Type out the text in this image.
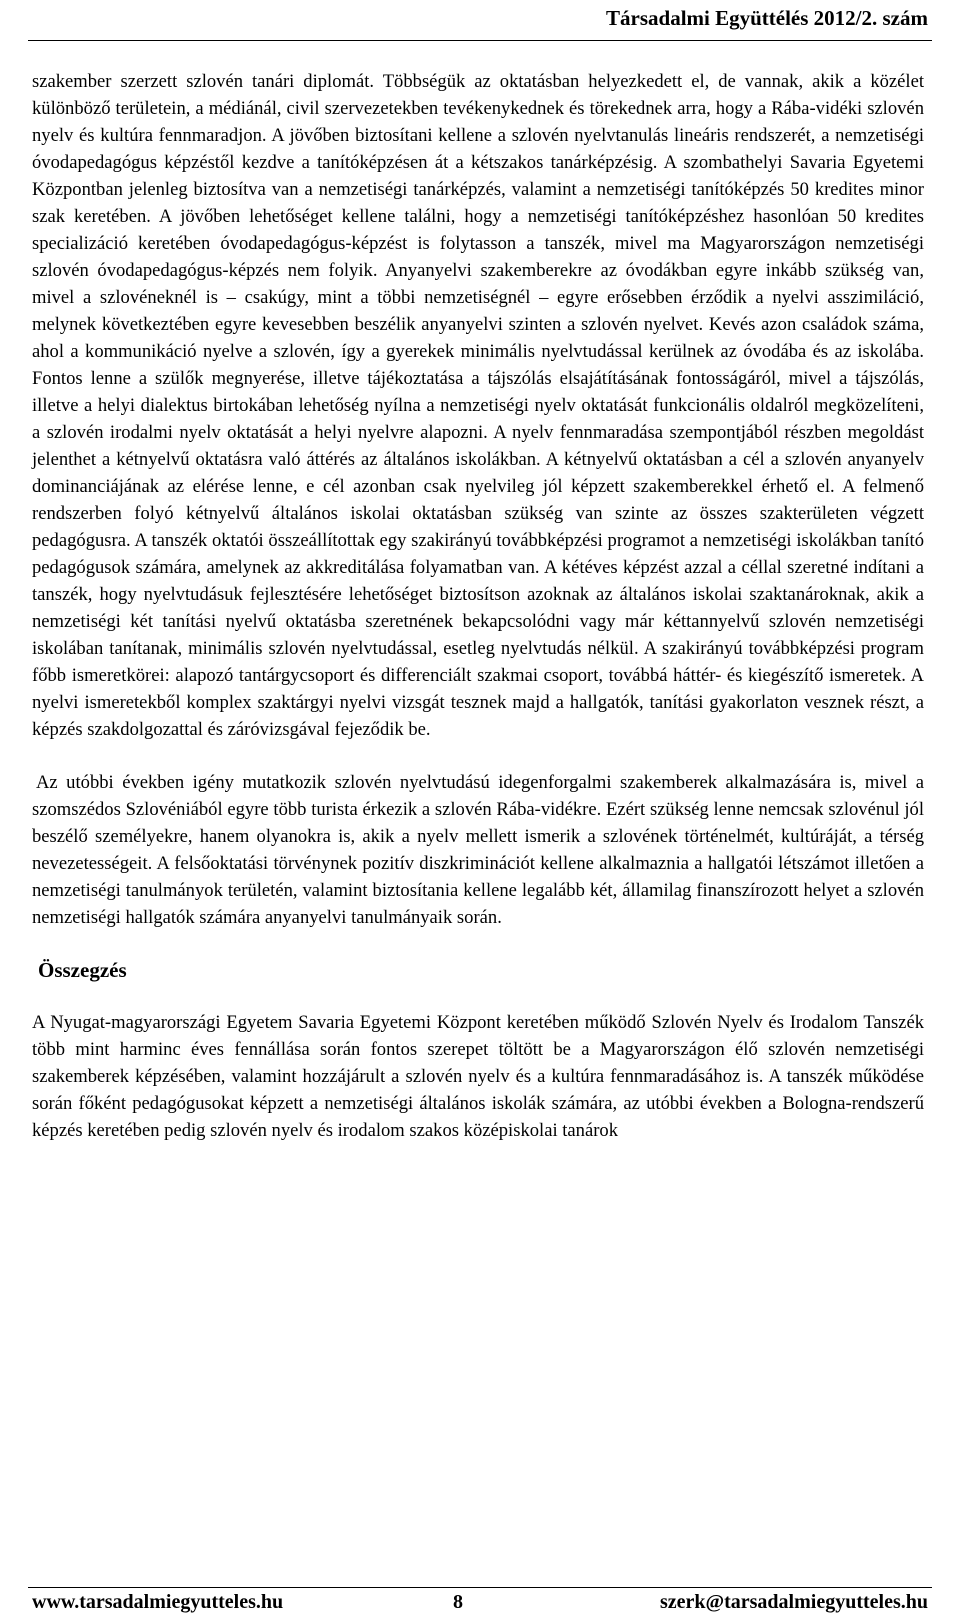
Társadalmi Együttélés 2012/2. szám

szakember szerzett szlovén tanári diplomát. Többségük az oktatásban helyezkedett el, de vannak, akik a közélet különböző területein, a médiánál, civil szervezetekben tevékenykednek és törekednek arra, hogy a Rába-vidéki szlovén nyelv és kultúra fennmaradjon. A jövőben biztosítani kellene a szlovén nyelvtanulás lineáris rendszerét, a nemzetiségi óvodapedagógus képzéstől kezdve a tanítóképzésen át a kétszakos tanárképzésig. A szombathelyi Savaria Egyetemi Központban jelenleg biztosítva van a nemzetiségi tanárképzés, valamint a nemzetiségi tanítóképzés 50 kredites minor szak keretében. A jövőben lehetőséget kellene találni, hogy a nemzetiségi tanítóképzéshez hasonlóan 50 kredites specializáció keretében óvodapedagógus-képzést is folytasson a tanszék, mivel ma Magyarországon nemzetiségi szlovén óvodapedagógus-képzés nem folyik. Anyanyelvi szakemberekre az óvodákban egyre inkább szükség van, mivel a szlovéneknél is – csakúgy, mint a többi nemzetiségnél – egyre erősebben érződik a nyelvi asszimiláció, melynek következtében egyre kevesebben beszélik anyanyelvi szinten a szlovén nyelvet. Kevés azon családok száma, ahol a kommunikáció nyelve a szlovén, így a gyerekek minimális nyelvtudással kerülnek az óvodába és az iskolába. Fontos lenne a szülők megnyerése, illetve tájékoztatása a tájszólás elsajátításának fontosságáról, mivel a tájszólás, illetve a helyi dialektus birtokában lehetőség nyílna a nemzetiségi nyelv oktatását funkcionális oldalról megközelíteni, a szlovén irodalmi nyelv oktatását a helyi nyelvre alapozni. A nyelv fennmaradása szempontjából részben megoldást jelenthet a kétnyelvű oktatásra való áttérés az általános iskolákban. A kétnyelvű oktatásban a cél a szlovén anyanyelv dominanciájának az elérése lenne, e cél azonban csak nyelvileg jól képzett szakemberekkel érhető el. A felmenő rendszerben folyó kétnyelvű általános iskolai oktatásban szükség van szinte az összes szakterületen végzett pedagógusra. A tanszék oktatói összeállítottak egy szakirányú továbbképzési programot a nemzetiségi iskolákban tanító pedagógusok számára, amelynek az akkreditálása folyamatban van. A kétéves képzést azzal a céllal szeretné indítani a tanszék, hogy nyelvtudásuk fejlesztésére lehetőséget biztosítson azoknak az általános iskolai szaktanároknak, akik a nemzetiségi két tanítási nyelvű oktatásba szeretnének bekapcsolódni vagy már kéttannyelvű szlovén nemzetiségi iskolában tanítanak, minimális szlovén nyelvtudással, esetleg nyelvtudás nélkül. A szakirányú továbbképzési program főbb ismeretkörei: alapozó tantárgycsoport és differenciált szakmai csoport, továbbá háttér- és kiegészítő ismeretek. A nyelvi ismeretekből komplex szaktárgyi nyelvi vizsgát tesznek majd a hallgatók, tanítási gyakorlaton vesznek részt, a képzés szakdolgozattal és záróvizsgával fejeződik be.

Az utóbbi években igény mutatkozik szlovén nyelvtudású idegenforgalmi szakemberek alkalmazására is, mivel a szomszédos Szlovéniából egyre több turista érkezik a szlovén Rába-vidékre. Ezért szükség lenne nemcsak szlovénul jól beszélő személyekre, hanem olyanokra is, akik a nyelv mellett ismerik a szlovének történelmét, kultúráját, a térség nevezetességeit. A felsőoktatási törvénynek pozitív diszkriminációt kellene alkalmaznia a hallgatói létszámot illetően a nemzetiségi tanulmányok területén, valamint biztosítania kellene legalább két, államilag finanszírozott helyet a szlovén nemzetiségi hallgatók számára anyanyelvi tanulmányaik során.

Összegzés

A Nyugat-magyarországi Egyetem Savaria Egyetemi Központ keretében működő Szlovén Nyelv és Irodalom Tanszék több mint harminc éves fennállása során fontos szerepet töltött be a Magyarországon élő szlovén nemzetiségi szakemberek képzésében, valamint hozzájárult a szlovén nyelv és a kultúra fennmaradásához is. A tanszék működése során főként pedagógusokat képzett a nemzetiségi általános iskolák számára, az utóbbi években a Bologna-rendszerű képzés keretében pedig szlovén nyelv és irodalom szakos középiskolai tanárok

www.tarsadalmiegyutteles.hu	8	szerk@tarsadalmiegyutteles.hu
